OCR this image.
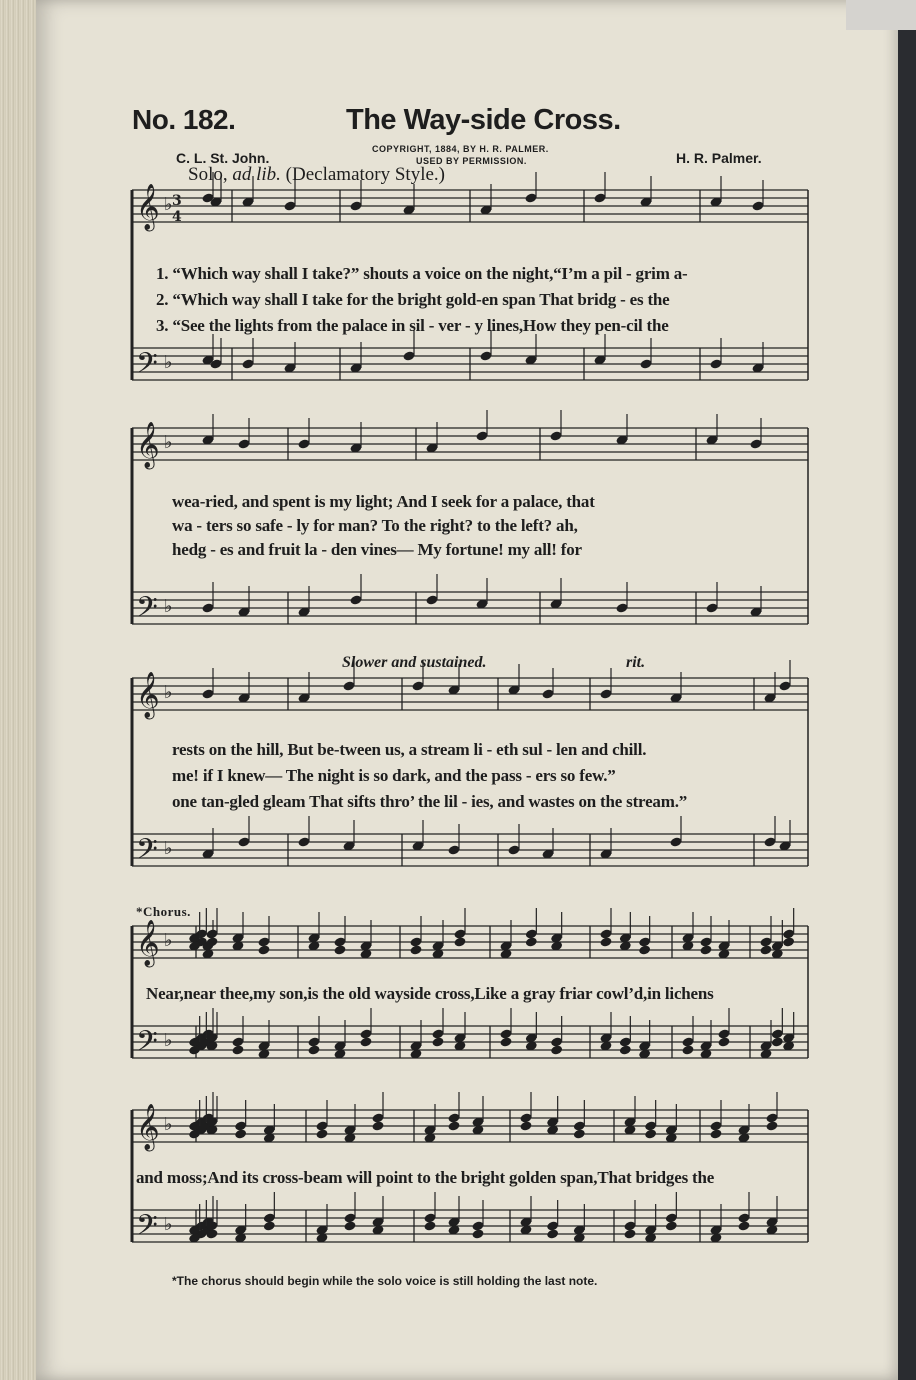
𝄞 ♭
𝄢 ♭
𝄞 ♭
𝄢 ♭
𝄞 ♭
𝄢 ♭
𝄞 ♭
𝄢 ♭
𝄞 ♭
𝄢 ♭
3
4
No. 182.	The Way-side Cross.
COPYRIGHT, 1884, BY H. R. PALMER.
USED BY PERMISSION.
C. L. St. John.	H. R. Palmer.
Solo, ad lib. (Declamatory Style.)
1. “Which way shall I take?” shouts a voice on the night,“I’m a pil - grim a-
2. “Which way shall I take for the bright gold-en span That bridg - es the
3. “See the lights from the palace in sil - ver - y lines,How they pen-cil the
wea-ried, and spent is my light; And I seek for a palace, that
wa - ters so safe - ly for man? To the right? to the left? ah,
hedg - es and fruit la - den vines— My fortune! my all! for
Slower and sustained.	rit.
rests on the hill, But be-tween us, a stream li - eth sul - len and chill.
me! if I knew— The night is so dark, and the pass - ers so few.”
one tan-gled gleam That sifts thro’ the lil - ies, and wastes on the stream.”
*Chorus.
Near,near thee,my son,is the old wayside cross,Like a gray friar cowl’d,in lichens
and moss;And its cross-beam will point to the bright golden span,That bridges the
*The chorus should begin while the solo voice is still holding the last note.
